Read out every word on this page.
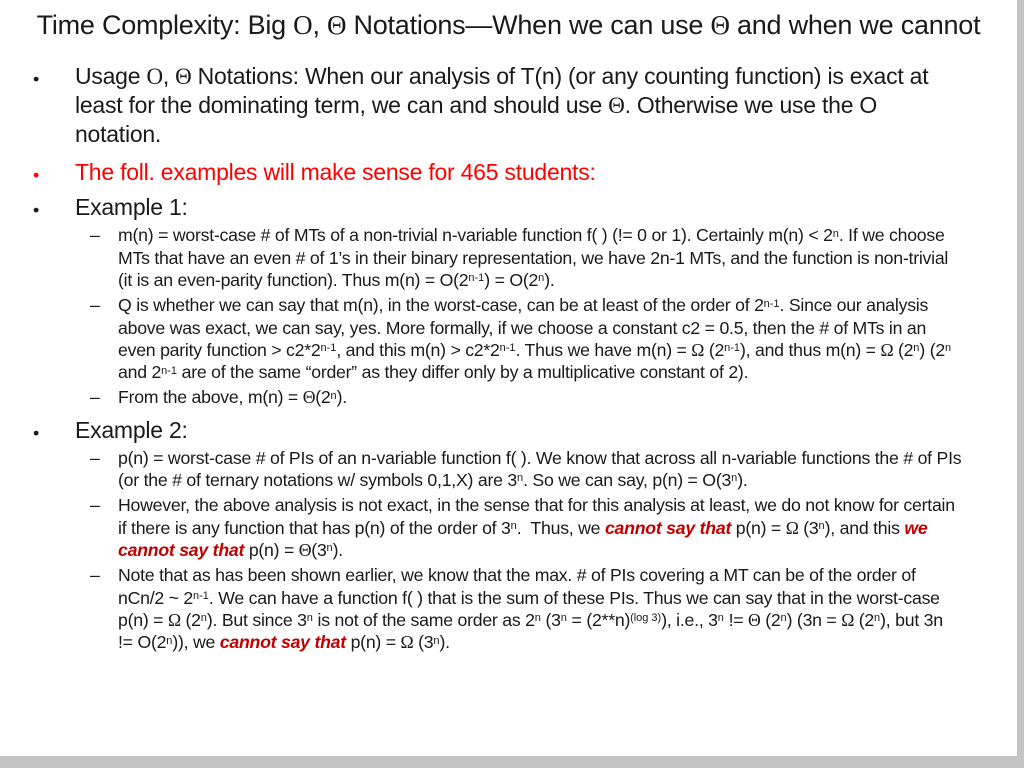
Time Complexity: Big O, Θ Notations—When we can use Θ and when we cannot
•	Usage O, Θ Notations: When our analysis of T(n) (or any counting function) is exact at least for the dominating term, we can and should use Θ. Otherwise we use the O notation.
•	The foll. examples will make sense for 465 students:
•	Example 1:
–	m(n) = worst-case # of MTs of a non-trivial n-variable function f( ) (!= 0 or 1). Certainly $m(n) < 2^n$. If we choose MTs that have an even # of 1’s in their binary representation, we have 2n-1 MTs, and the function is non-trivial (it is an even-parity function). Thus $m(n) = O(2^{n-1}) = O(2^n)$.
–	Q is whether we can say that m(n), in the worst-case, can be at least of the order of 2$^{n-1}$. Since our analysis above was exact, we can say, yes. More formally, if we choose a constant c2 = 0.5, then the # of MTs in an even parity function > $c2*2^{n-1}$, and this $m(n) > c2*2^{n-1}$. Thus we have m(n) = Ω (2$^{n-1}$), and thus m(n) = Ω (2$^n$) (2$^n$ and 2$^{n-1}$ are of the same “order” as they differ only by a multiplicative constant of 2).
–	From the above, $m(n) = \Theta(2^n)$.
•	Example 2:
–	p(n) = worst-case # of PIs of an n-variable function f( ). We know that across all n-variable functions the # of PIs (or the # of ternary notations w/ symbols 0,1,X) are 3$^n$. So we can say, $p(n) = O(3^n)$.
–	However, the above analysis is not exact, in the sense that for this analysis at least, we do not know for certain if there is any function that has p(n) of the order of 3$^n$.  Thus, we cannot say that p(n) = Ω (3$^n$), and this we cannot say that $p(n) = \Theta(3^n)$.
–	Note that as has been shown earlier, we know that the max. # of PIs covering a MT can be of the order of nCn/2 ~ 2$^{n-1}$. We can have a function f( ) that is the sum of these PIs. Thus we can say that in the worst-case p(n) = Ω (2$^n$). But since 3$^n$ is not of the same order as 2$^n$ $(3^n = (2**n)^{(log 3)})$, i.e., 3$^n$ != Θ (2$^n$) (3n = Ω (2$^n$), but 3n != $O(2^n)$), we cannot say that p(n) = Ω (3$^n$).
